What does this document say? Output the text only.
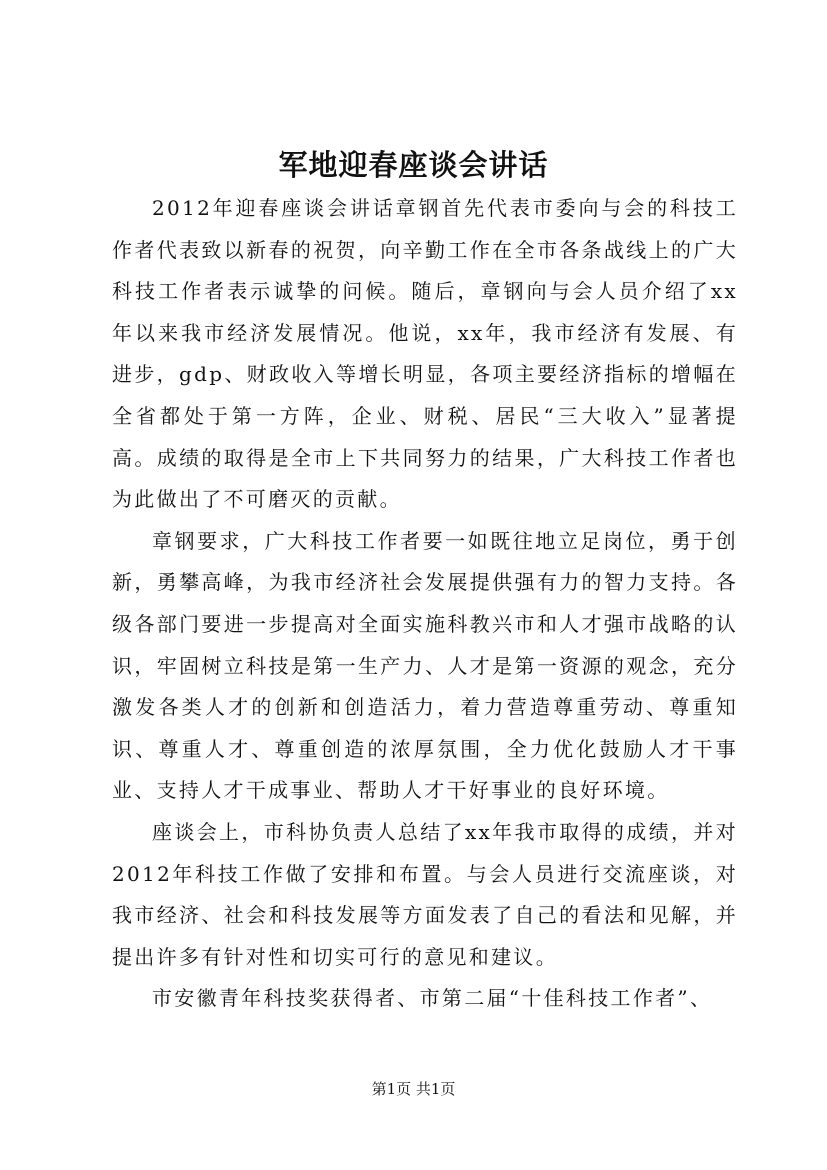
军地迎春座谈会讲话

2012年迎春座谈会讲话章钢首先代表市委向与会的科技工作者代表致以新春的祝贺，向辛勤工作在全市各条战线上的广大科技工作者表示诚挚的问候。随后，章钢向与会人员介绍了xx年以来我市经济发展情况。他说，xx年，我市经济有发展、有进步，gdp、财政收入等增长明显，各项主要经济指标的增幅在全省都处于第一方阵，企业、财税、居民“三大收入”显著提高。成绩的取得是全市上下共同努力的结果，广大科技工作者也为此做出了不可磨灭的贡献。

章钢要求，广大科技工作者要一如既往地立足岗位，勇于创新，勇攀高峰，为我市经济社会发展提供强有力的智力支持。各级各部门要进一步提高对全面实施科教兴市和人才强市战略的认识，牢固树立科技是第一生产力、人才是第一资源的观念，充分激发各类人才的创新和创造活力，着力营造尊重劳动、尊重知识、尊重人才、尊重创造的浓厚氛围，全力优化鼓励人才干事业、支持人才干成事业、帮助人才干好事业的良好环境。

座谈会上，市科协负责人总结了xx年我市取得的成绩，并对2012年科技工作做了安排和布置。与会人员进行交流座谈，对我市经济、社会和科技发展等方面发表了自己的看法和见解，并提出许多有针对性和切实可行的意见和建议。

市安徽青年科技奖获得者、市第二届“十佳科技工作者”、

第1页 共1页
